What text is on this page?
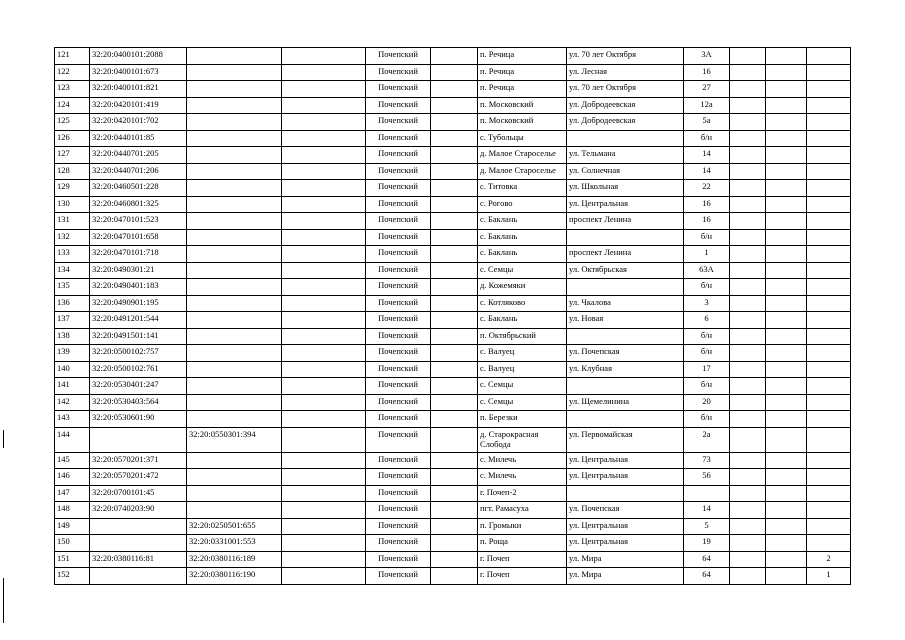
121	32:20:0400101:2088			Почепский		п. Речица	ул. 70 лет Октября	3А			
122	32:20:0400101:673			Почепский		п. Речица	ул. Лесная	16			
123	32:20:0400101:821			Почепский		п. Речица	ул. 70 лет Октября	27			
124	32:20:0420101:419			Почепский		п. Московский	ул. Добродеевская	12а			
125	32:20:0420101:702			Почепский		п. Московский	ул. Добродеевская	5а			
126	32:20:0440101:85			Почепский		с. Тубольцы		б/н			
127	32:20:0440701:205			Почепский		д. Малое Староселье	ул. Тельмана	14			
128	32:20:0440701:206			Почепский		д. Малое Староселье	ул. Солнечная	14			
129	32:20:0460501:228			Почепский		с. Титовка	ул. Школьная	22			
130	32:20:0460801:325			Почепский		с. Рогово	ул. Центральная	16			
131	32:20:0470101:523			Почепский		с. Баклань	проспект Ленина	16			
132	32:20:0470101:658			Почепский		с. Баклань		б/н			
133	32:20:0470101:718			Почепский		с. Баклань	проспект Ленина	1			
134	32:20:0490301:21			Почепский		с. Семцы	ул. Октябрьская	63А			
135	32:20:0490401:183			Почепский		д. Кожемяки		б/н			
136	32:20:0490901:195			Почепский		с. Котляково	ул. Чкалова	3			
137	32:20:0491201:544			Почепский		с. Баклань	ул. Новая	6			
138	32:20:0491501:141			Почепский		п. Октябрьский		б/н			
139	32:20:0500102:757			Почепский		с. Валуец	ул. Почепская	б/н			
140	32:20:0500102:761			Почепский		с. Валуец	ул. Клубная	17			
141	32:20:0530401:247			Почепский		с. Семцы		б/н			
142	32:20:0530403:564			Почепский		с. Семцы	ул. Щемелинина	20			
143	32:20:0530601:90			Почепский		п. Березки		б/н			
144		32:20:0550301:394		Почепский		д. Старокрасная Слобода	ул. Первомайская	2а			
145	32:20:0570201:371			Почепский		с. Милечь	ул. Центральная	73			
146	32:20:0570201:472			Почепский		с. Милечь	ул. Центральная	56			
147	32:20:0700101:45			Почепский		г. Почеп-2					
148	32:20:0740203:90			Почепский		пгт. Рамасуха	ул. Почепская	14			
149		32:20:0250501:655		Почепский		п. Громыки	ул. Центральная	5			
150		32:20:0331001:553		Почепский		п. Роща	ул. Центральная	19			
151	32:20:0380116:81	32:20:0380116:189		Почепский		г. Почеп	ул. Мира	64			2
152		32:20:0380116:190		Почепский		г. Почеп	ул. Мира	64			1
